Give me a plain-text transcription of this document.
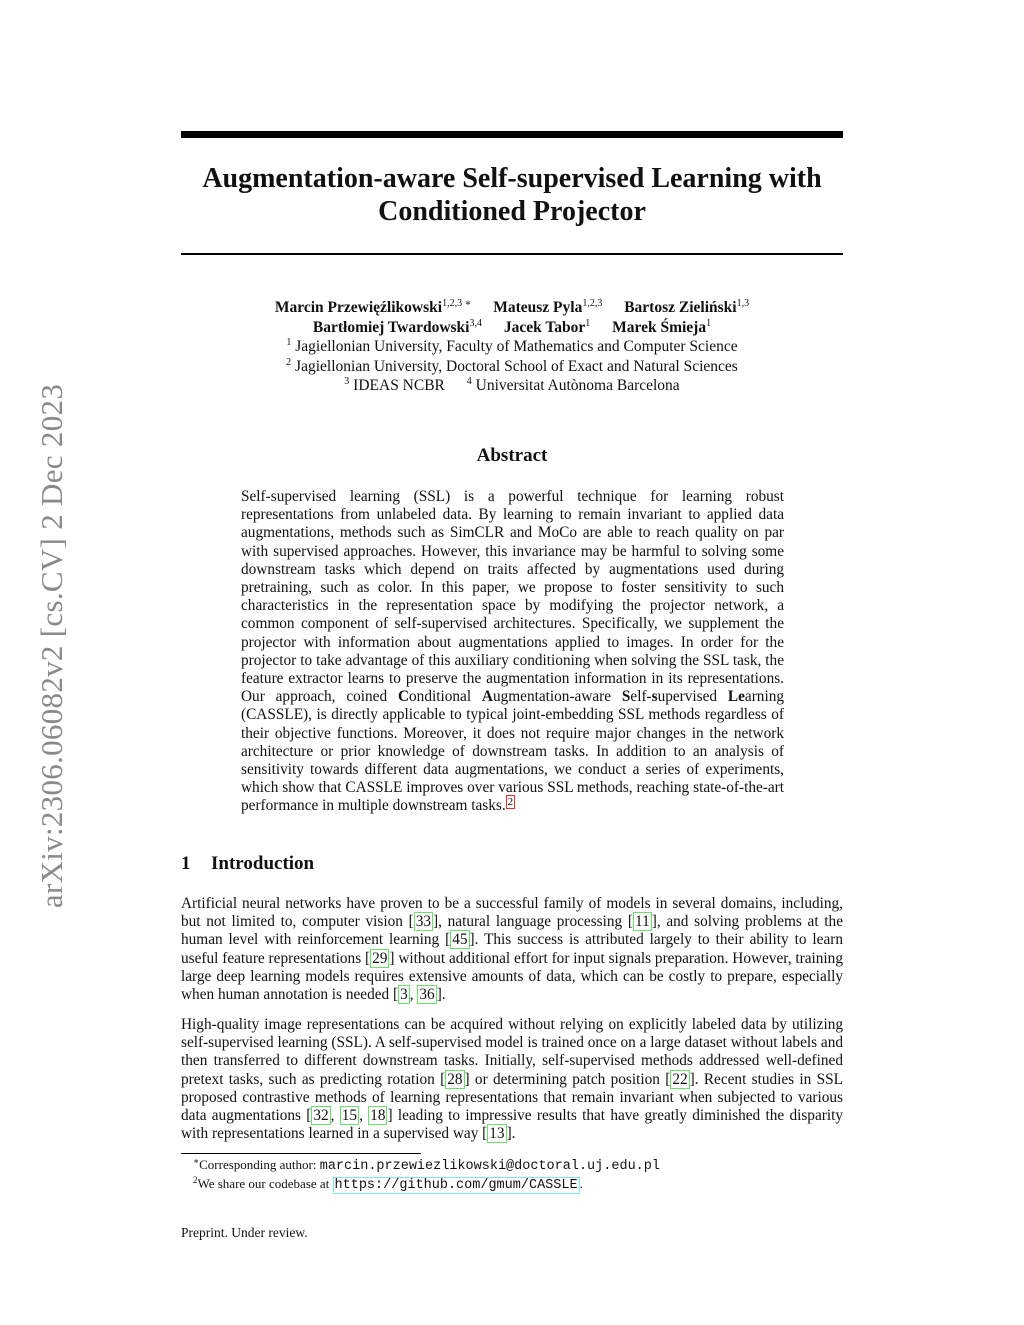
arXiv:2306.06082v2 [cs.CV] 2 Dec 2023
Augmentation-aware Self-supervised Learning with
Conditioned Projector
Marcin Przewięźlikowski$^{1,2,3 ∗}$ Mateusz Pyla$^{1,2,3}$ Bartosz Zieliński$^{1,3}$
Bartłomiej Twardowski$^{3,4}$ Jacek Tabor$^1$ Marek Śmieja$^1$
$^1$ Jagiellonian University, Faculty of Mathematics and Computer Science
$^2$ Jagiellonian University, Doctoral School of Exact and Natural Sciences
$^3$ IDEAS NCBR $^4$ Universitat Autònoma Barcelona
Abstract
Self-supervised learning (SSL) is a powerful technique for learning robust representations from unlabeled data. By learning to remain invariant to applied data augmentations, methods such as SimCLR and MoCo are able to reach quality on par with supervised approaches. However, this invariance may be harmful to solving some downstream tasks which depend on traits affected by augmentations used during pretraining, such as color. In this paper, we propose to foster sensitivity to such characteristics in the representation space by modifying the projector network, a common component of self-supervised architectures. Specifically, we supplement the projector with information about augmentations applied to images. In order for the projector to take advantage of this auxiliary conditioning when solving the SSL task, the feature extractor learns to preserve the augmentation information in its representations. Our approach, coined Conditional Augmentation-aware Self-supervised Learning (CASSLE), is directly applicable to typical joint-embedding SSL methods regardless of their objective functions. Moreover, it does not require major changes in the network architecture or prior knowledge of downstream tasks. In addition to an analysis of sensitivity towards different data augmentations, we conduct a series of experiments, which show that CASSLE improves over various SSL methods, reaching state-of-the-art performance in multiple downstream tasks. $^2$
1 Introduction
Artificial neural networks have proven to be a successful family of models in several domains, including, but not limited to, computer vision [ 33 ], natural language processing [ 11 ], and solving problems at the human level with reinforcement learning [ 45 ]. This success is attributed largely to their ability to learn useful feature representations [ 29 ] without additional effort for input signals preparation. However, training large deep learning models requires extensive amounts of data, which can be costly to prepare, especially when human annotation is needed [ 3 , 36 ].
High-quality image representations can be acquired without relying on explicitly labeled data by utilizing self-supervised learning (SSL). A self-supervised model is trained once on a large dataset without labels and then transferred to different downstream tasks. Initially, self-supervised methods addressed well-defined pretext tasks, such as predicting rotation [ 28 ] or determining patch position [ 22 ]. Recent studies in SSL proposed contrastive methods of learning representations that remain invariant when subjected to various data augmentations [ 32 , 15 , 18 ] leading to impressive results that have greatly diminished the disparity with representations learned in a supervised way [ 13 ].
∗Corresponding author: marcin.przewiezlikowski@doctoral.uj.edu.pl
$^2$We share our codebase at https://github.com/gmum/CASSLE .
Preprint. Under review.
